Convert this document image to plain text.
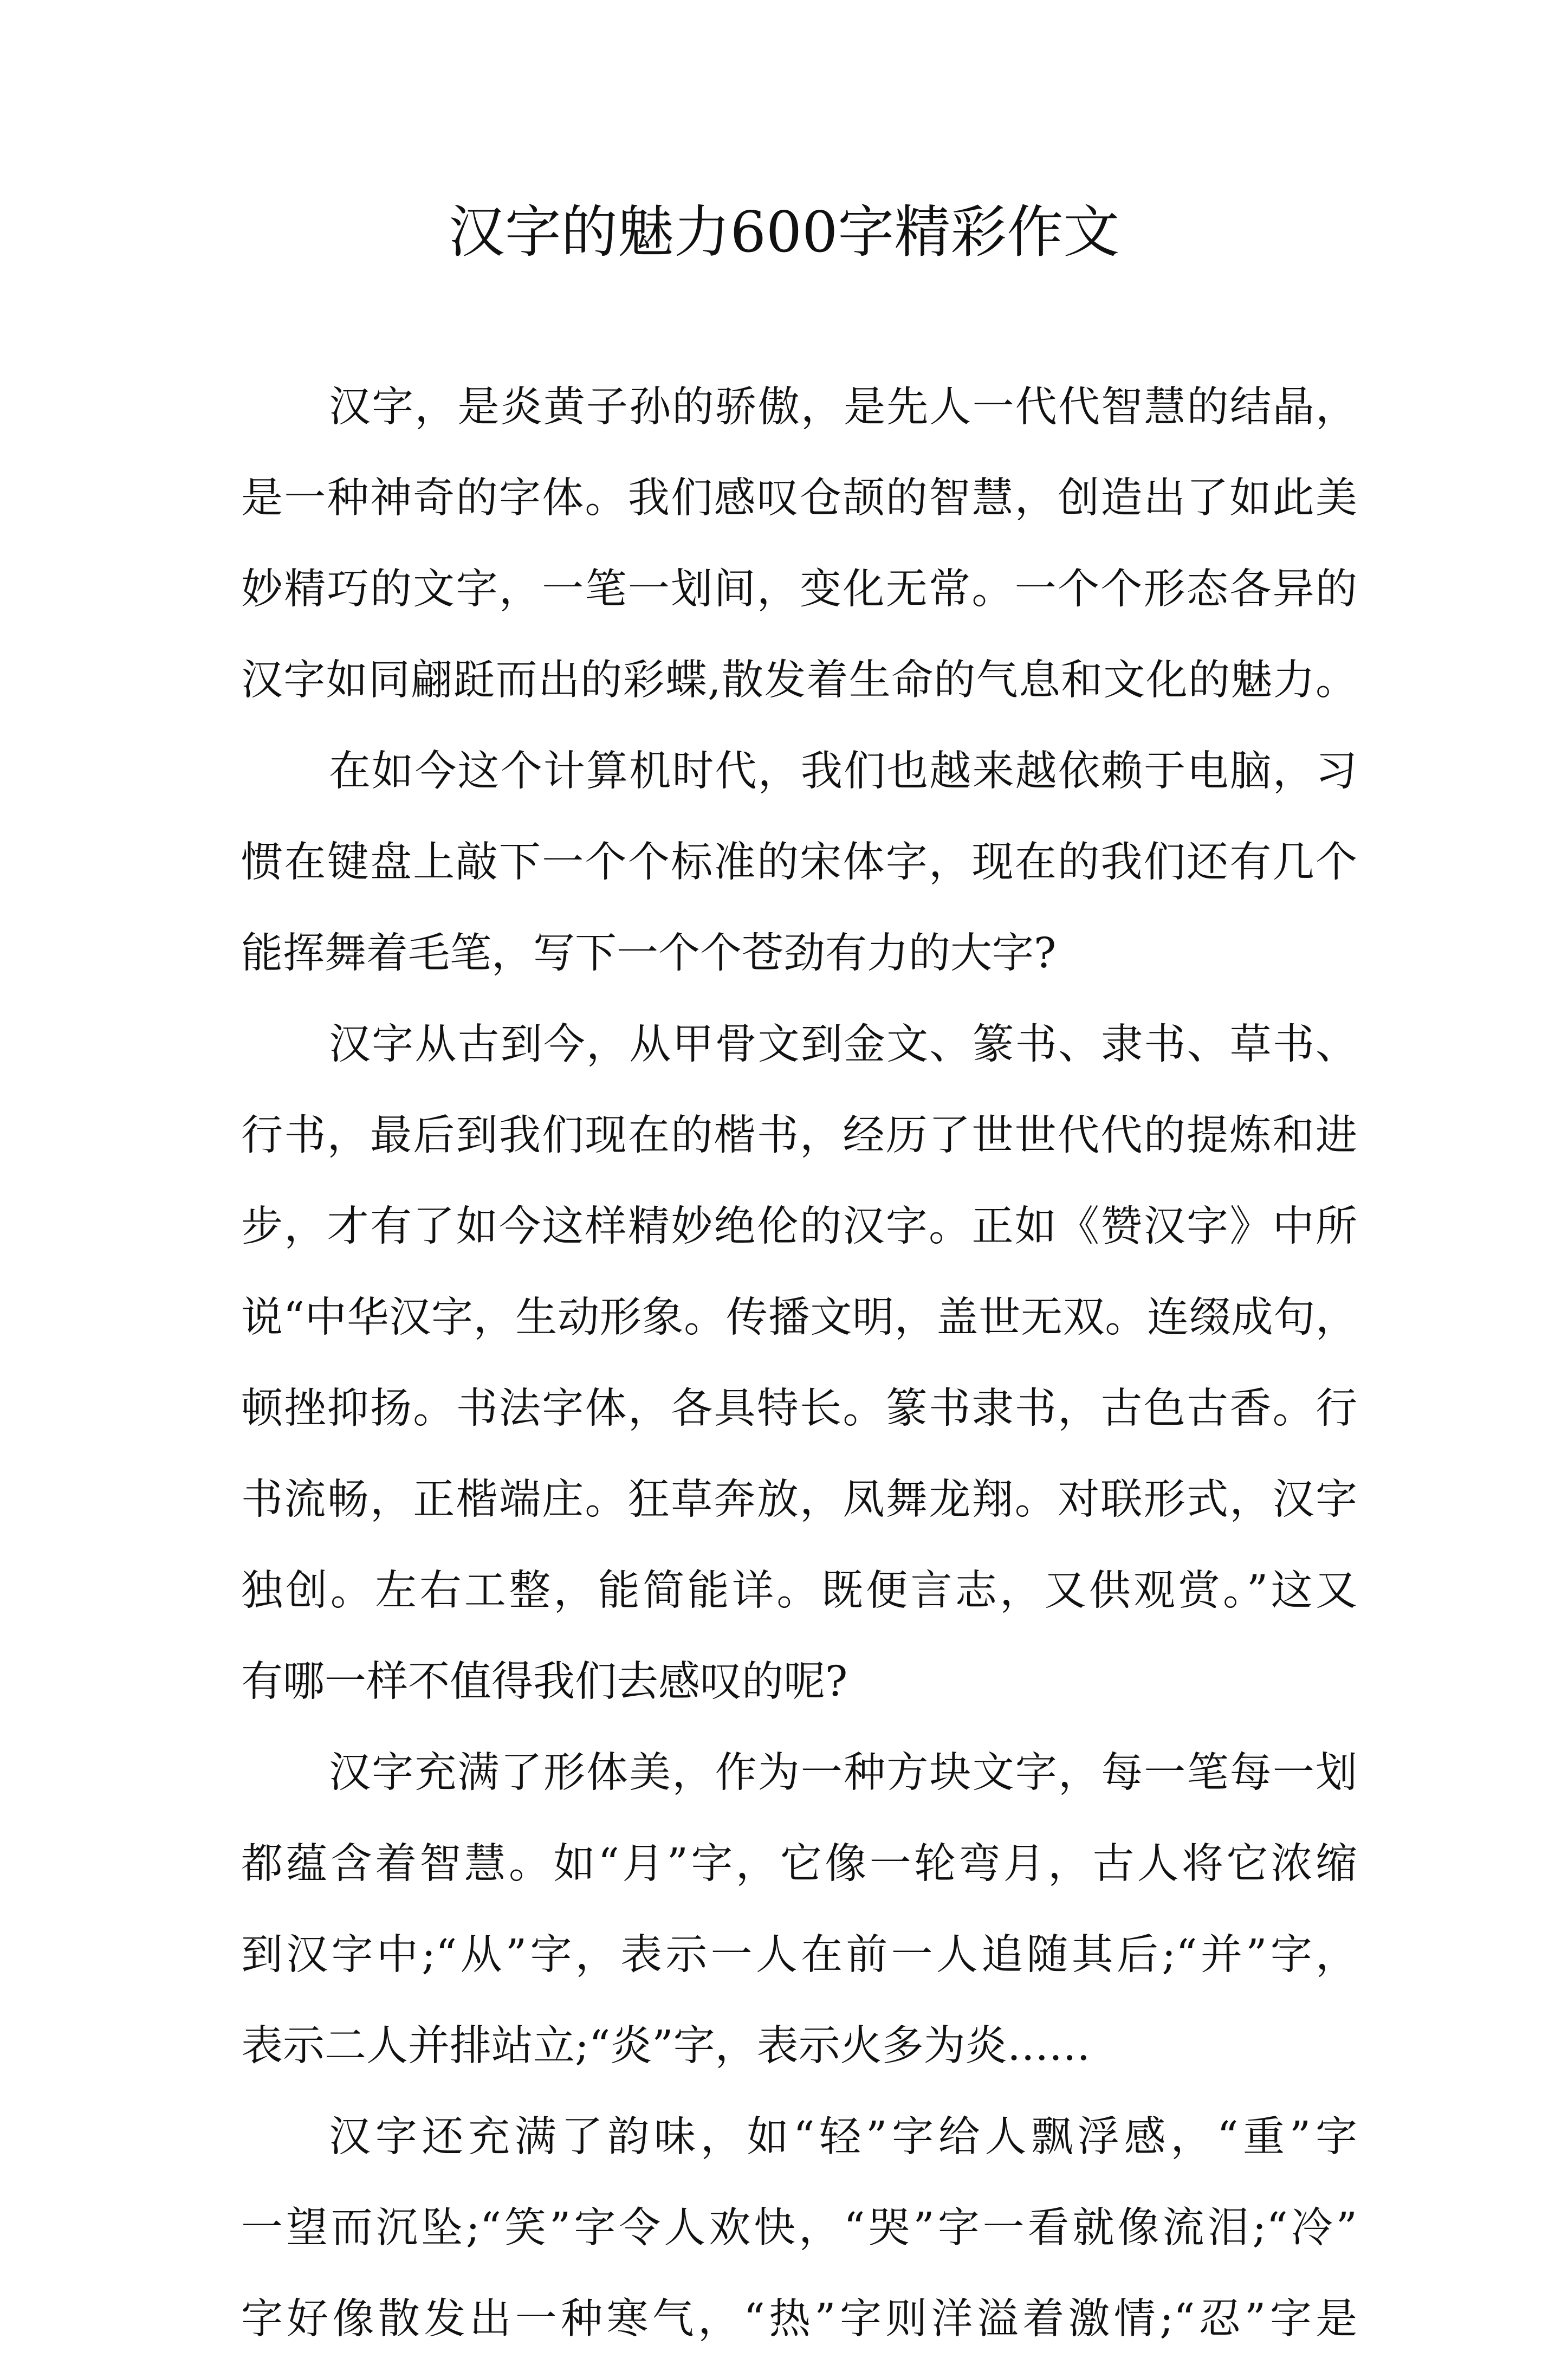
汉字的魅力600字精彩作文

汉字，是炎黄子孙的骄傲，是先人一代代智慧的结晶，

是一种神奇的字体。我们感叹仓颉的智慧，创造出了如此美

妙精巧的文字，一笔一划间，变化无常。一个个形态各异的

汉字如同翩跹而出的彩蝶,散发着生命的气息和文化的魅力。

在如今这个计算机时代，我们也越来越依赖于电脑，习

惯在键盘上敲下一个个标准的宋体字，现在的我们还有几个

能挥舞着毛笔，写下一个个苍劲有力的大字?

汉字从古到今，从甲骨文到金文、篆书、隶书、草书、

行书，最后到我们现在的楷书，经历了世世代代的提炼和进

步，才有了如今这样精妙绝伦的汉字。正如《赞汉字》中所

说“中华汉字，生动形象。传播文明，盖世无双。连缀成句，

顿挫抑扬。书法字体，各具特长。篆书隶书，古色古香。行

书流畅，正楷端庄。狂草奔放，凤舞龙翔。对联形式，汉字

独创。左右工整，能简能详。既便言志，又供观赏。”这又

有哪一样不值得我们去感叹的呢?

汉字充满了形体美，作为一种方块文字，每一笔每一划

都蕴含着智慧。如“月”字，它像一轮弯月，古人将它浓缩

到汉字中;“从”字，表示一人在前一人追随其后;“并”字，

表示二人并排站立;“炎”字，表示火多为炎……

汉字还充满了韵味，如“轻”字给人飘浮感，“重”字

一望而沉坠;“笑”字令人欢快，“哭”字一看就像流泪;“冷”

字好像散发出一种寒气，“热”字则洋溢着激情;“忍”字是
